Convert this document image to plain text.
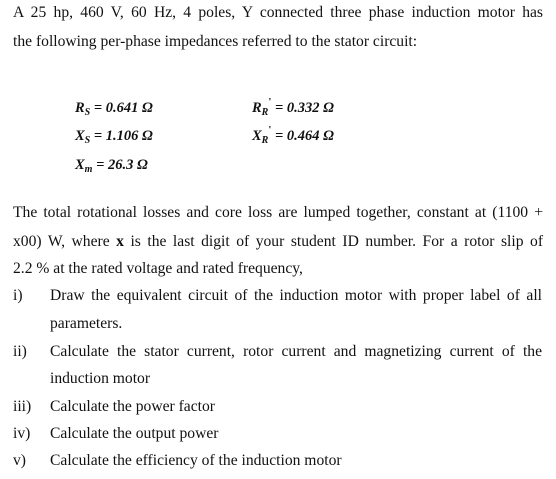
A 25 hp, 460 V, 60 Hz, 4 poles, Y connected three phase induction motor has
the following per-phase impedances referred to the stator circuit:
$R_S = 0.641$ Ω
$X_S = 1.106$ Ω
$X_m = 26.3$ Ω
$R_R' = 0.332$ Ω
$X_R' = 0.464$ Ω
The total rotational losses and core loss are lumped together, constant at (1100 +
x00) W, where x is the last digit of your student ID number. For a rotor slip of
2.2 % at the rated voltage and rated frequency,
i) Draw the equivalent circuit of the induction motor with proper label of all
parameters.
ii) Calculate the stator current, rotor current and magnetizing current of the
induction motor
iii) Calculate the power factor
iv) Calculate the output power
v) Calculate the efficiency of the induction motor
